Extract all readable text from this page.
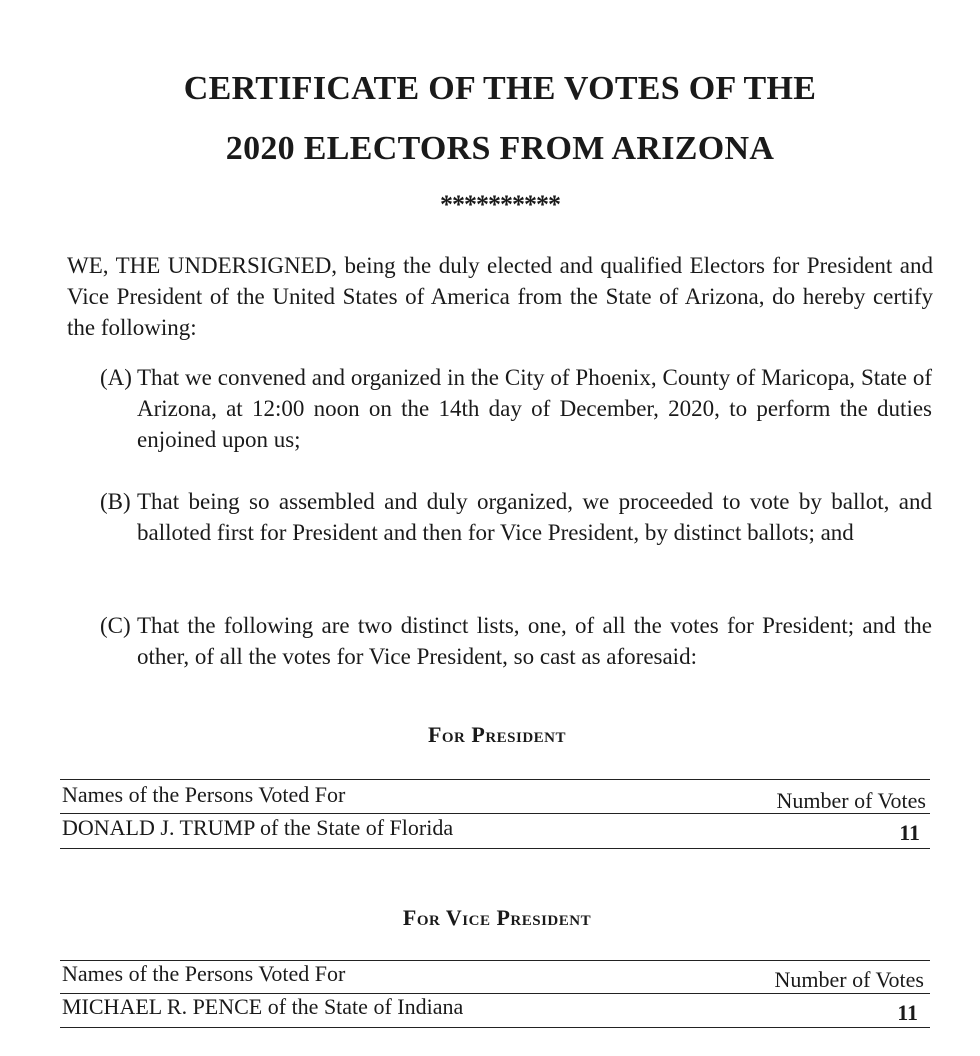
CERTIFICATE OF THE VOTES OF THE
2020 ELECTORS FROM ARIZONA
**********
WE, THE UNDERSIGNED, being the duly elected and qualified Electors for President and Vice President of the United States of America from the State of Arizona, do hereby certify the following:
(A) That we convened and organized in the City of Phoenix, County of Maricopa, State of Arizona, at 12:00 noon on the 14th day of December, 2020, to perform the duties enjoined upon us;
(B) That being so assembled and duly organized, we proceeded to vote by ballot, and balloted first for President and then for Vice President, by distinct ballots; and
(C) That the following are two distinct lists, one, of all the votes for President; and the other, of all the votes for Vice President, so cast as aforesaid:
For President
Names of the Persons Voted For	Number of Votes
DONALD J. TRUMP of the State of Florida	11
For Vice President
Names of the Persons Voted For	Number of Votes
MICHAEL R. PENCE of the State of Indiana	11
